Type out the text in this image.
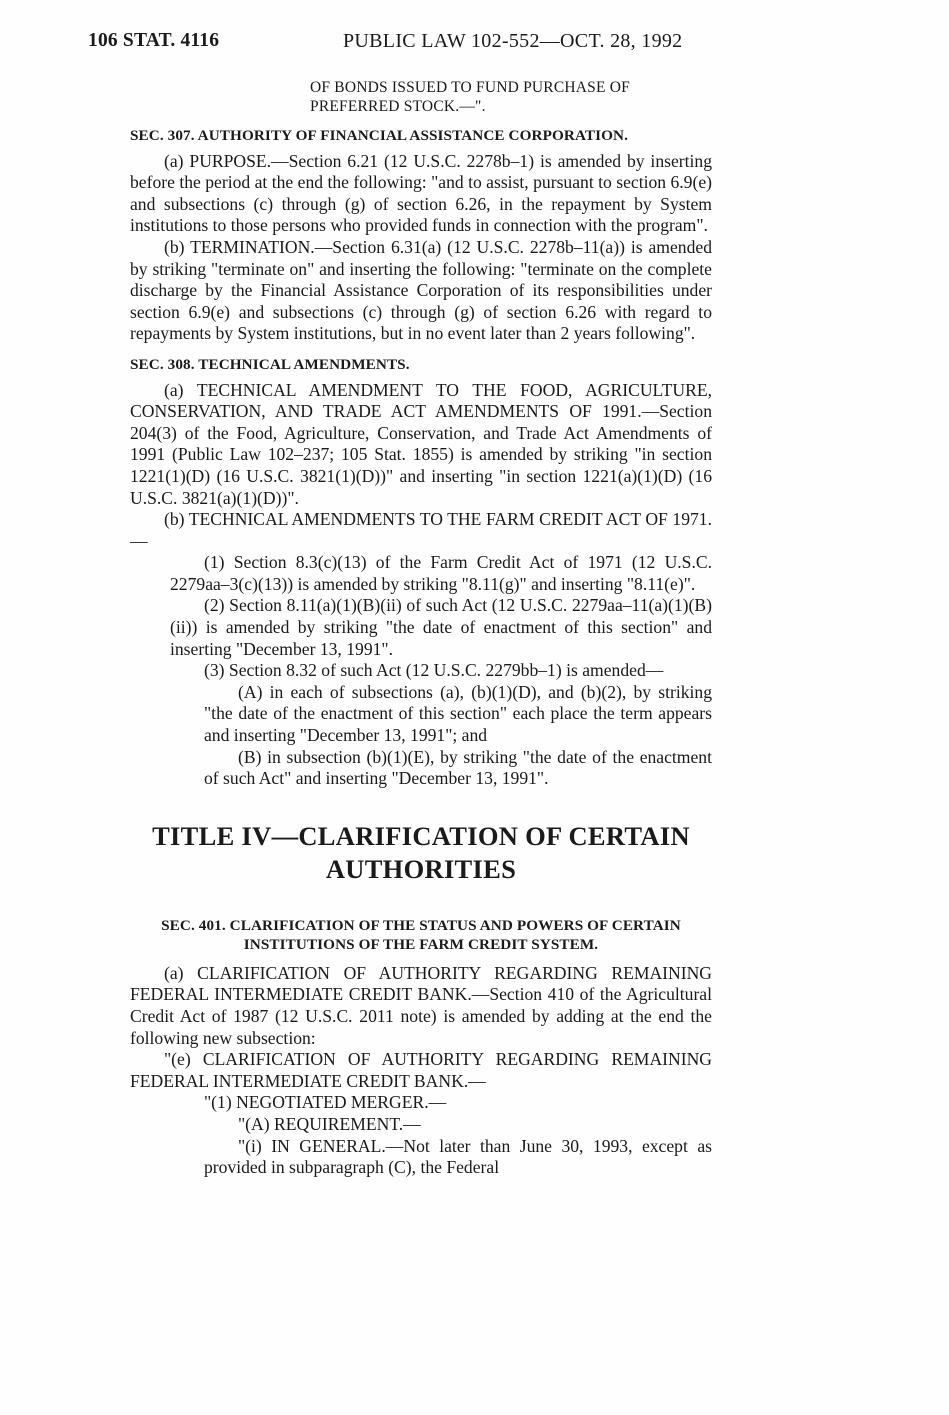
106 STAT. 4116	PUBLIC LAW 102-552—OCT. 28, 1992
OF BONDS ISSUED TO FUND PURCHASE OF PREFERRED STOCK.—".
SEC. 307. AUTHORITY OF FINANCIAL ASSISTANCE CORPORATION.

(a) PURPOSE.—Section 6.21 (12 U.S.C. 2278b–1) is amended by inserting before the period at the end the following: "and to assist, pursuant to section 6.9(e) and subsections (c) through (g) of section 6.26, in the repayment by System institutions to those persons who provided funds in connection with the program".

(b) TERMINATION.—Section 6.31(a) (12 U.S.C. 2278b–11(a)) is amended by striking "terminate on" and inserting the following: "terminate on the complete discharge by the Financial Assistance Corporation of its responsibilities under section 6.9(e) and subsections (c) through (g) of section 6.26 with regard to repayments by System institutions, but in no event later than 2 years following".

SEC. 308. TECHNICAL AMENDMENTS.

(a) TECHNICAL AMENDMENT TO THE FOOD, AGRICULTURE, CONSERVATION, AND TRADE ACT AMENDMENTS OF 1991.—Section 204(3) of the Food, Agriculture, Conservation, and Trade Act Amendments of 1991 (Public Law 102–237; 105 Stat. 1855) is amended by striking "in section 1221(1)(D) (16 U.S.C. 3821(1)(D))" and inserting "in section 1221(a)(1)(D) (16 U.S.C. 3821(a)(1)(D))".

(b) TECHNICAL AMENDMENTS TO THE FARM CREDIT ACT OF 1971.—

(1) Section 8.3(c)(13) of the Farm Credit Act of 1971 (12 U.S.C. 2279aa–3(c)(13)) is amended by striking "8.11(g)" and inserting "8.11(e)".

(2) Section 8.11(a)(1)(B)(ii) of such Act (12 U.S.C. 2279aa–11(a)(1)(B)(ii)) is amended by striking "the date of enactment of this section" and inserting "December 13, 1991".

(3) Section 8.32 of such Act (12 U.S.C. 2279bb–1) is amended—

(A) in each of subsections (a), (b)(1)(D), and (b)(2), by striking "the date of the enactment of this section" each place the term appears and inserting "December 13, 1991"; and

(B) in subsection (b)(1)(E), by striking "the date of the enactment of such Act" and inserting "December 13, 1991".

TITLE IV—CLARIFICATION OF CERTAIN
AUTHORITIES
SEC. 401. CLARIFICATION OF THE STATUS AND POWERS OF CERTAIN
INSTITUTIONS OF THE FARM CREDIT SYSTEM.

(a) CLARIFICATION OF AUTHORITY REGARDING REMAINING FEDERAL INTERMEDIATE CREDIT BANK.—Section 410 of the Agricultural Credit Act of 1987 (12 U.S.C. 2011 note) is amended by adding at the end the following new subsection:

"(e) CLARIFICATION OF AUTHORITY REGARDING REMAINING FEDERAL INTERMEDIATE CREDIT BANK.—

"(1) NEGOTIATED MERGER.—

"(A) REQUIREMENT.—

"(i) IN GENERAL.—Not later than June 30, 1993, except as provided in subparagraph (C), the Federal
